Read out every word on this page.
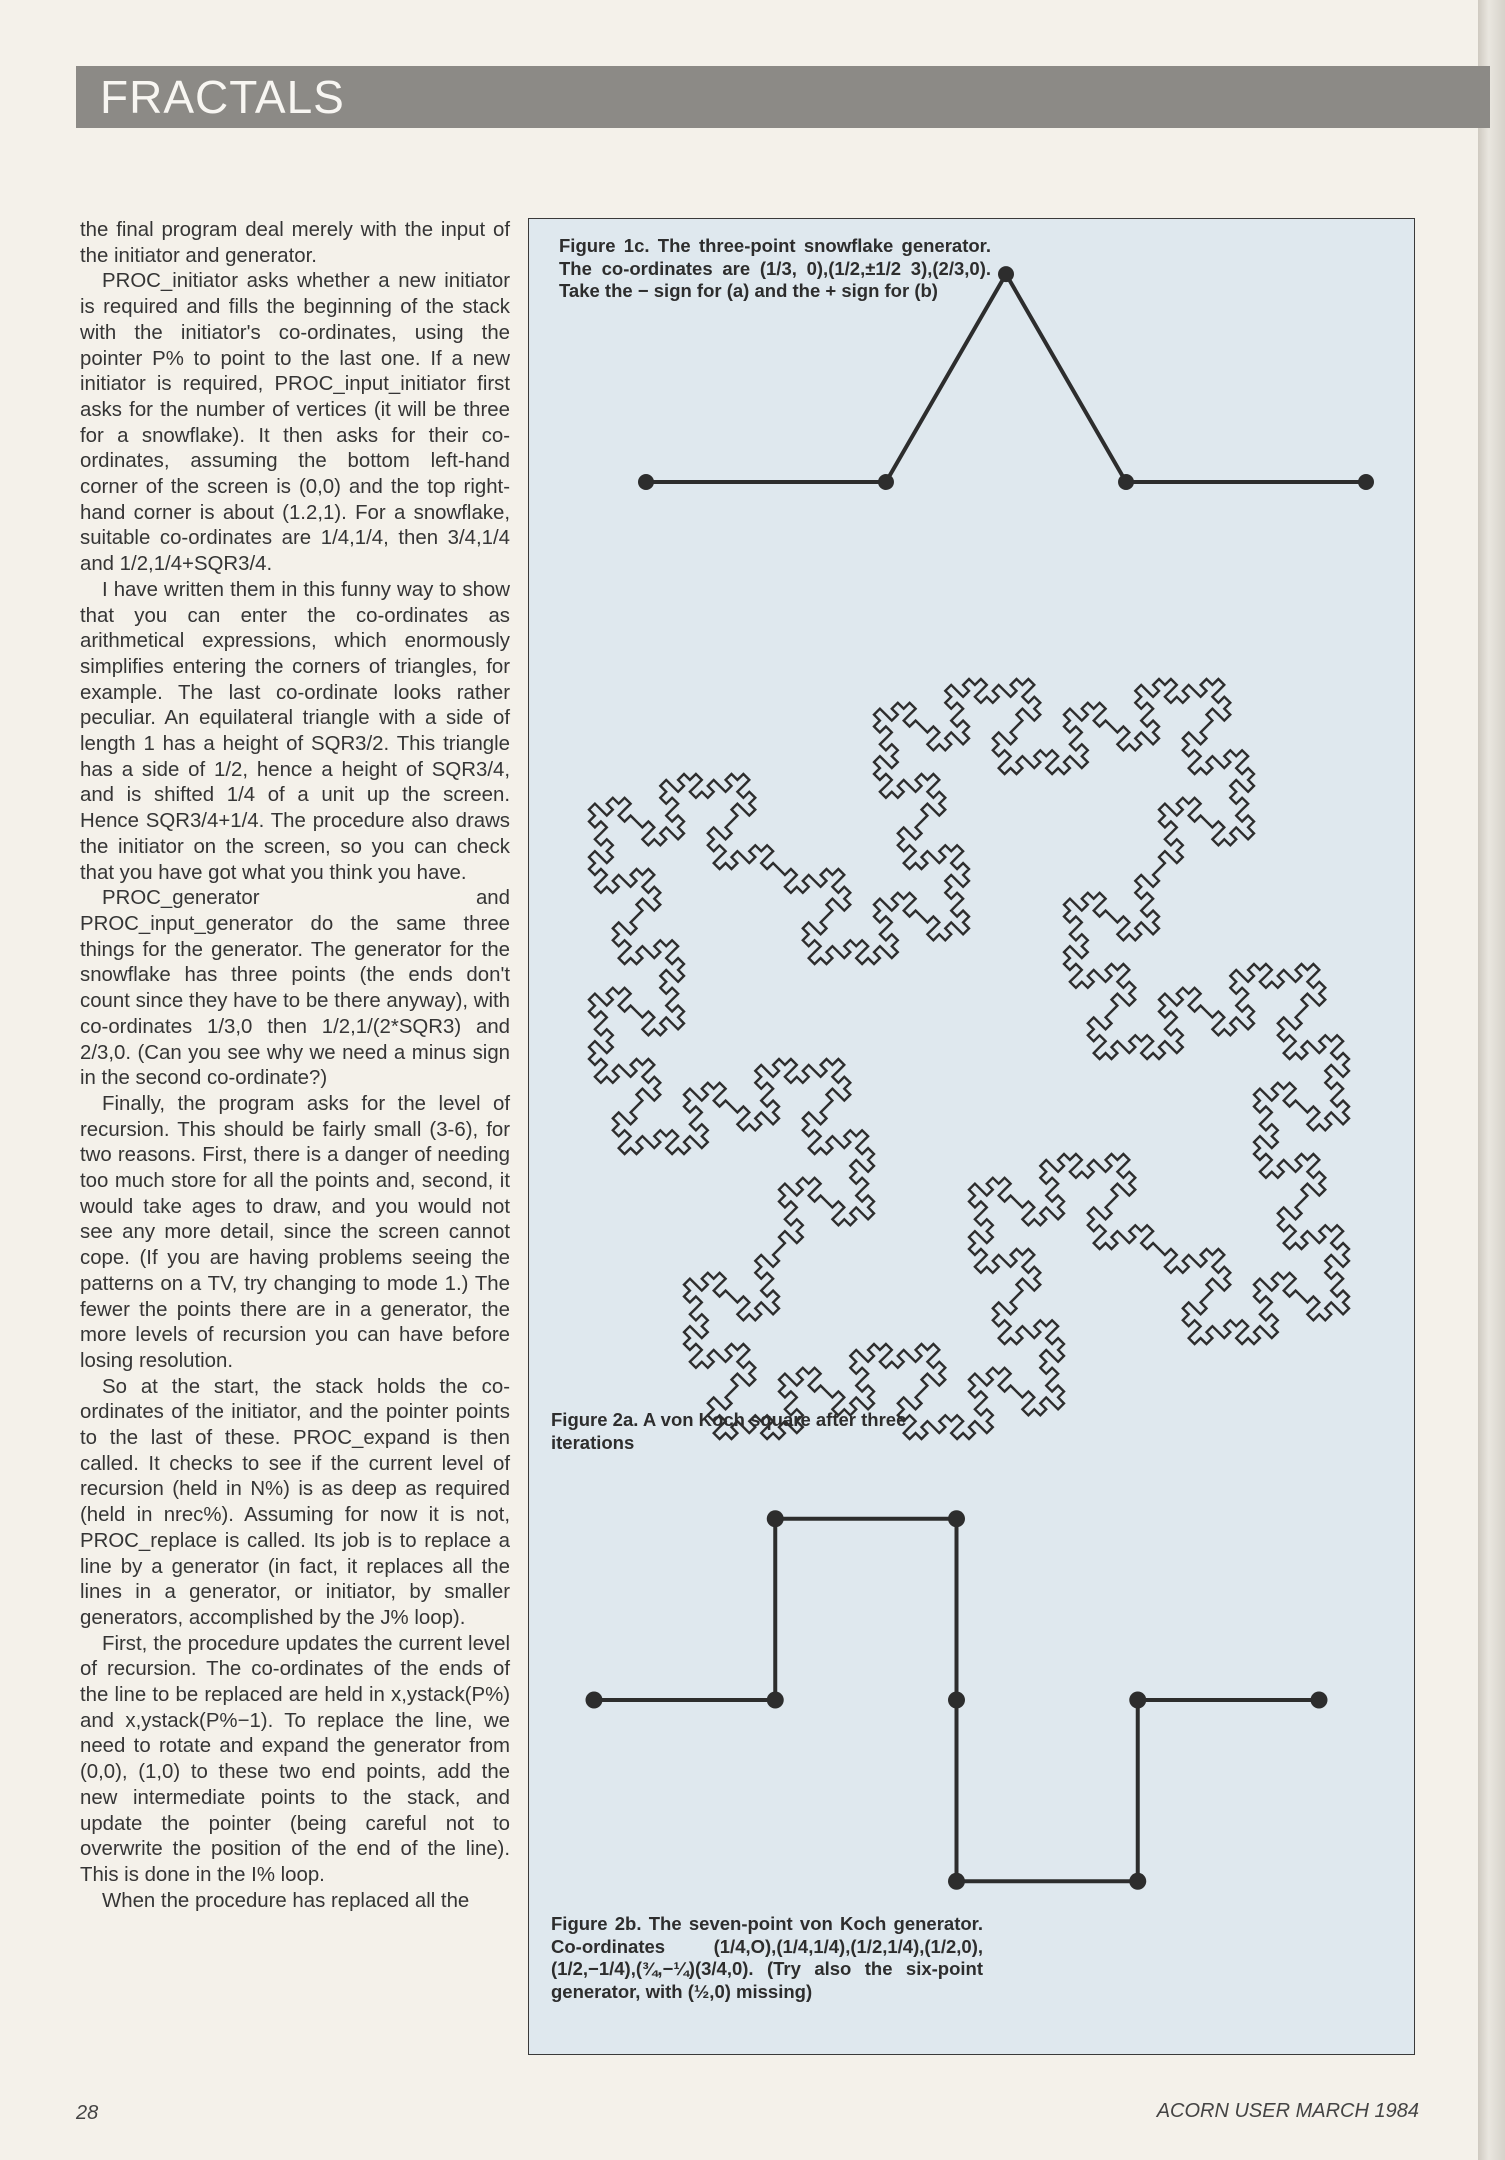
FRACTALS

the final program deal merely with the input of the initiator and generator.

PROC_initiator asks whether a new initiator is required and fills the beginning of the stack with the initiator's co-ordinates, using the pointer P% to point to the last one. If a new initiator is required, PROC_input_initiator first asks for the number of vertices (it will be three for a snowflake). It then asks for their co-ordinates, assuming the bottom left-hand corner of the screen is (0,0) and the top right-hand corner is about (1.2,1). For a snowflake, suitable co-ordinates are 1/4,1/4, then 3/4,1/4 and 1/2,1/4+SQR3/4.

I have written them in this funny way to show that you can enter the co-ordinates as arithmetical expressions, which enormously simplifies entering the corners of triangles, for example. The last co-ordinate looks rather peculiar. An equilateral triangle with a side of length 1 has a height of SQR3/2. This triangle has a side of 1/2, hence a height of SQR3/4, and is shifted 1/4 of a unit up the screen. Hence SQR3/4+1/4. The procedure also draws the initiator on the screen, so you can check that you have got what you think you have.

PROC_generator and PROC_input_generator do the same three things for the generator. The generator for the snowflake has three points (the ends don't count since they have to be there anyway), with co-ordinates 1/3,0 then 1/2,1/(2*SQR3) and 2/3,0. (Can you see why we need a minus sign in the second co-ordinate?)

Finally, the program asks for the level of recursion. This should be fairly small (3-6), for two reasons. First, there is a danger of needing too much store for all the points and, second, it would take ages to draw, and you would not see any more detail, since the screen cannot cope. (If you are having problems seeing the patterns on a TV, try changing to mode 1.) The fewer the points there are in a generator, the more levels of recursion you can have before losing resolution.

So at the start, the stack holds the co-ordinates of the initiator, and the pointer points to the last of these. PROC_expand is then called. It checks to see if the current level of recursion (held in N%) is as deep as required (held in nrec%). Assuming for now it is not, PROC_replace is called. Its job is to replace a line by a generator (in fact, it replaces all the lines in a generator, or initiator, by smaller generators, accomplished by the J% loop).

First, the procedure updates the current level of recursion. The co-ordinates of the ends of the line to be replaced are held in x,ystack(P%) and x,ystack(P%−1). To replace the line, we need to rotate and expand the generator from (0,0), (1,0) to these two end points, add the new intermediate points to the stack, and update the pointer (being careful not to overwrite the position of the end of the line). This is done in the I% loop.

When the procedure has replaced all the

Figure 1c. The three-point snowflake generator. The co-ordinates are (1/3, 0),(1/2,±1/2 3),(2/3,0). Take the − sign for (a) and the + sign for (b)
Figure 2a. A von Koch square after three iterations
Figure 2b. The seven-point von Koch generator. Co-ordinates (1/4,O),(1/4,1/4),(1/2,1/4),(1/2,0),(1/2,−1/4),(¾,−¼)(3/4,0). (Try also the six-point generator, with (½,0) missing)
28	ACORN USER MARCH 1984
